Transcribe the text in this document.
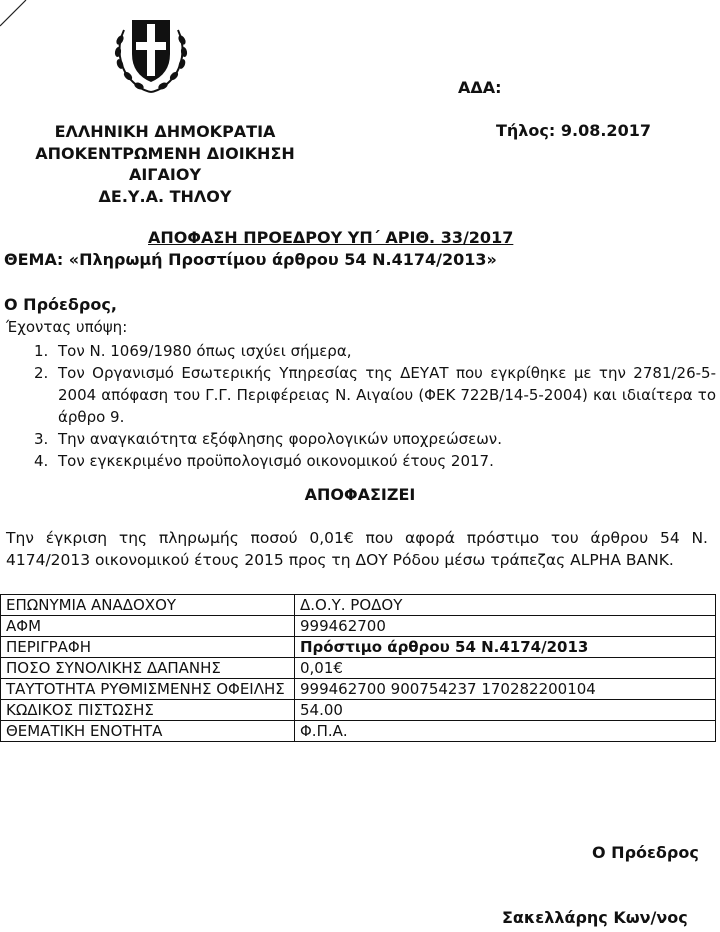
ΑΔΑ:
Τήλος: 9.08.2017
ΕΛΛΗΝΙΚΗ ΔΗΜΟΚΡΑΤΙΑ
ΑΠΟΚΕΝΤΡΩΜΕΝΗ ΔΙΟΙΚΗΣΗ
ΑΙΓΑΙΟΥ
ΔΕ.Υ.Α. ΤΗΛΟΥ
ΑΠΟΦΑΣΗ ΠΡΟΕΔΡΟΥ ΥΠ΄ ΑΡΙΘ. 33/2017
ΘΕΜΑ: «Πληρωμή Προστίμου άρθρου 54 Ν.4174/2013»
Ο Πρόεδρος,
Έχοντας υπόψη:
1. Τον Ν. 1069/1980 όπως ισχύει σήμερα,
2. Τον Οργανισμό Εσωτερικής Υπηρεσίας της ΔΕΥΑΤ που εγκρίθηκε με την 2781/26-5-2004 απόφαση του Γ.Γ. Περιφέρειας Ν. Αιγαίου (ΦΕΚ 722Β/14-5-2004) και ιδιαίτερα το άρθρο 9.
3. Την αναγκαιότητα εξόφλησης φορολογικών υποχρεώσεων.
4. Τον εγκεκριμένο προϋπολογισμό οικονομικού έτους 2017.
ΑΠΟΦΑΣΙΖΕΙ
Την έγκριση της πληρωμής ποσού 0,01€ που αφορά πρόστιμο του άρθρου 54 Ν. 4174/2013 οικονομικού έτους 2015 προς τη ΔΟΥ Ρόδου μέσω τράπεζας ALPHA BANK.
ΕΠΩΝΥΜΙΑ ΑΝΑΔΟΧΟΥ	Δ.Ο.Υ. ΡΟΔΟΥ
ΑΦΜ	999462700
ΠΕΡΙΓΡΑΦΗ	Πρόστιμο άρθρου 54 Ν.4174/2013
ΠΟΣΟ ΣΥΝΟΛΙΚΗΣ ΔΑΠΑΝΗΣ	0,01€
ΤΑΥΤΟΤΗΤΑ ΡΥΘΜΙΣΜΕΝΗΣ ΟΦΕΙΛΗΣ	999462700 900754237 170282200104
ΚΩΔΙΚΟΣ ΠΙΣΤΩΣΗΣ	54.00
ΘΕΜΑΤΙΚΗ ΕΝΟΤΗΤΑ	Φ.Π.Α.
Ο Πρόεδρος
Σακελλάρης Κων/νος
